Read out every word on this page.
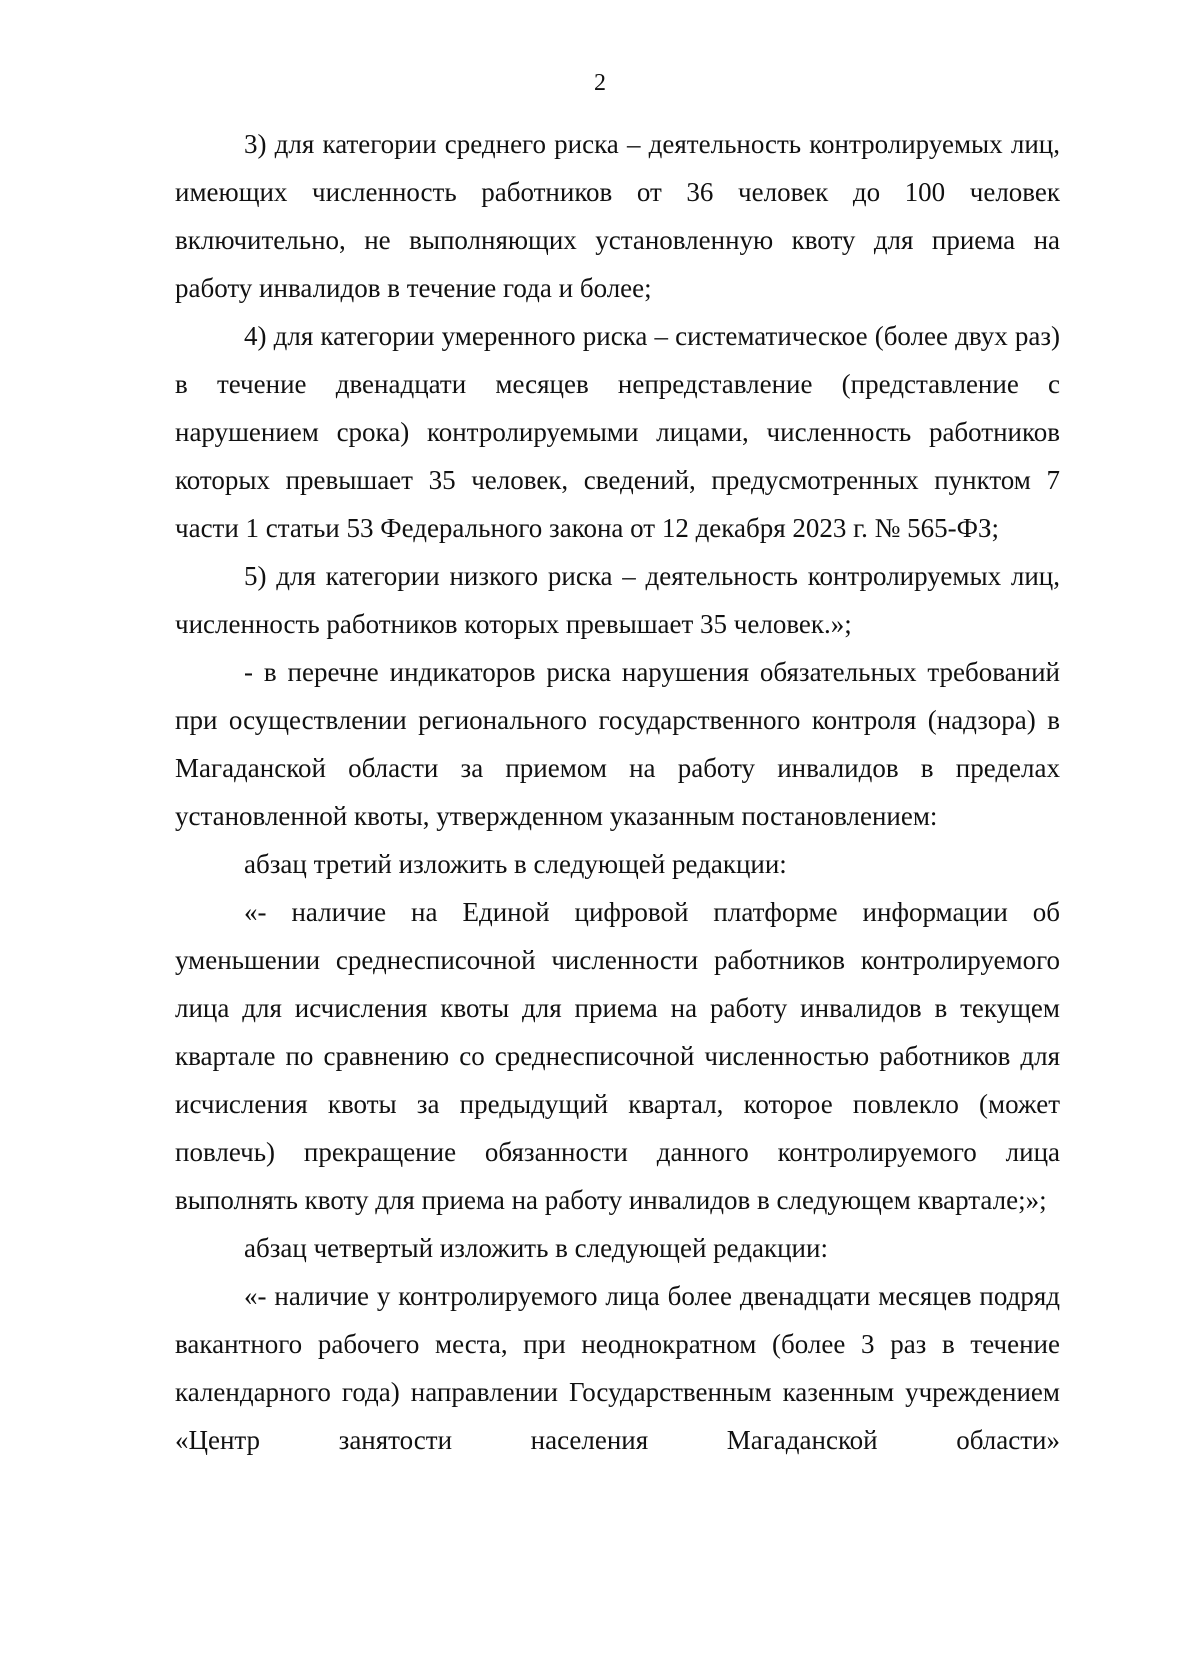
2

3) для категории среднего риска – деятельность контролируемых лиц, имеющих численность работников от 36 человек до 100 человек включительно, не выполняющих установленную квоту для приема на работу инвалидов в течение года и более;

4) для категории умеренного риска – систематическое (более двух раз) в течение двенадцати месяцев непредставление (представление с нарушением срока) контролируемыми лицами, численность работников которых превышает 35 человек, сведений, предусмотренных пунктом 7 части 1 статьи 53 Федерального закона от 12 декабря 2023 г. № 565-ФЗ;

5) для категории низкого риска – деятельность контролируемых лиц, численность работников которых превышает 35 человек.»;

- в перечне индикаторов риска нарушения обязательных требований при осуществлении регионального государственного контроля (надзора) в Магаданской области за приемом на работу инвалидов в пределах установленной квоты, утвержденном указанным постановлением:

абзац третий изложить в следующей редакции:

«- наличие на Единой цифровой платформе информации об уменьшении среднесписочной численности работников контролируемого лица для исчисления квоты для приема на работу инвалидов в текущем квартале по сравнению со среднесписочной численностью работников для исчисления квоты за предыдущий квартал, которое повлекло (может повлечь) прекращение обязанности данного контролируемого лица выполнять квоту для приема на работу инвалидов в следующем квартале;»;

абзац четвертый изложить в следующей редакции:

«- наличие у контролируемого лица более двенадцати месяцев подряд вакантного рабочего места, при неоднократном (более 3 раз в течение календарного года) направлении Государственным казенным учреждением «Центр занятости населения Магаданской области»
